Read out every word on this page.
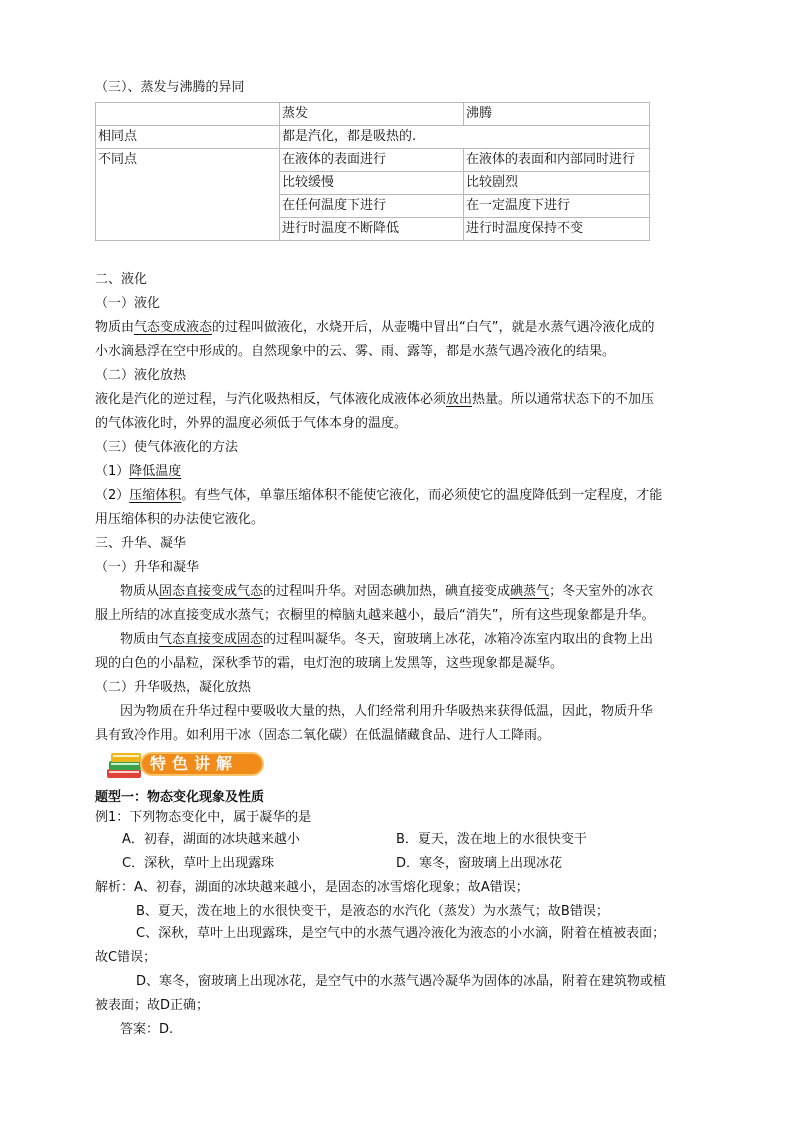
（三）、蒸发与沸腾的异同
	蒸发	沸腾
相同点	都是汽化，都是吸热的.	
不同点	在液体的表面进行	在液体的表面和内部同时进行
	比较缓慢	比较剧烈
	在任何温度下进行	在一定温度下进行
	进行时温度不断降低	进行时温度保持不变
二、液化
（一）液化
物质由气态变成液态的过程叫做液化，水烧开后，从壶嘴中冒出“白气”，就是水蒸气遇冷液化成的
小水滴悬浮在空中形成的。自然现象中的云、雾、雨、露等，都是水蒸气遇冷液化的结果。
（二）液化放热
液化是汽化的逆过程，与汽化吸热相反，气体液化成液体必须放出热量。所以通常状态下的不加压
的气体液化时，外界的温度必须低于气体本身的温度。
（三）使气体液化的方法
（1）降低温度
（2）压缩体积。有些气体，单靠压缩体积不能使它液化，而必须使它的温度降低到一定程度，才能
用压缩体积的办法使它液化。
三、升华、凝华
（一）升华和凝华
物质从固态直接变成气态的过程叫升华。对固态碘加热，碘直接变成碘蒸气；冬天室外的冰衣
服上所结的冰直接变成水蒸气；衣橱里的樟脑丸越来越小，最后“消失”，所有这些现象都是升华。
物质由气态直接变成固态的过程叫凝华。冬天，窗玻璃上冰花，冰箱冷冻室内取出的食物上出
现的白色的小晶粒，深秋季节的霜，电灯泡的玻璃上发黑等，这些现象都是凝华。
（二）升华吸热，凝化放热
因为物质在升华过程中要吸收大量的热，人们经常利用升华吸热来获得低温，因此，物质升华
具有致冷作用。如利用干冰（固态二氧化碳）在低温储藏食品、进行人工降雨。
特色讲解
题型一：物态变化现象及性质
例1：下列物态变化中，属于凝华的是
A．初春，湖面的冰块越来越小	B．夏天，泼在地上的水很快变干
C．深秋，草叶上出现露珠	D．寒冬，窗玻璃上出现冰花
解析：A、初春，湖面的冰块越来越小，是固态的冰雪熔化现象；故A错误；
B、夏天，泼在地上的水很快变干，是液态的水汽化（蒸发）为水蒸气；故B错误；
C、深秋，草叶上出现露珠，是空气中的水蒸气遇冷液化为液态的小水滴，附着在植被表面；
故C错误；
D、寒冬，窗玻璃上出现冰花，是空气中的水蒸气遇冷凝华为固体的冰晶，附着在建筑物或植
被表面；故D正确；
答案：D.
